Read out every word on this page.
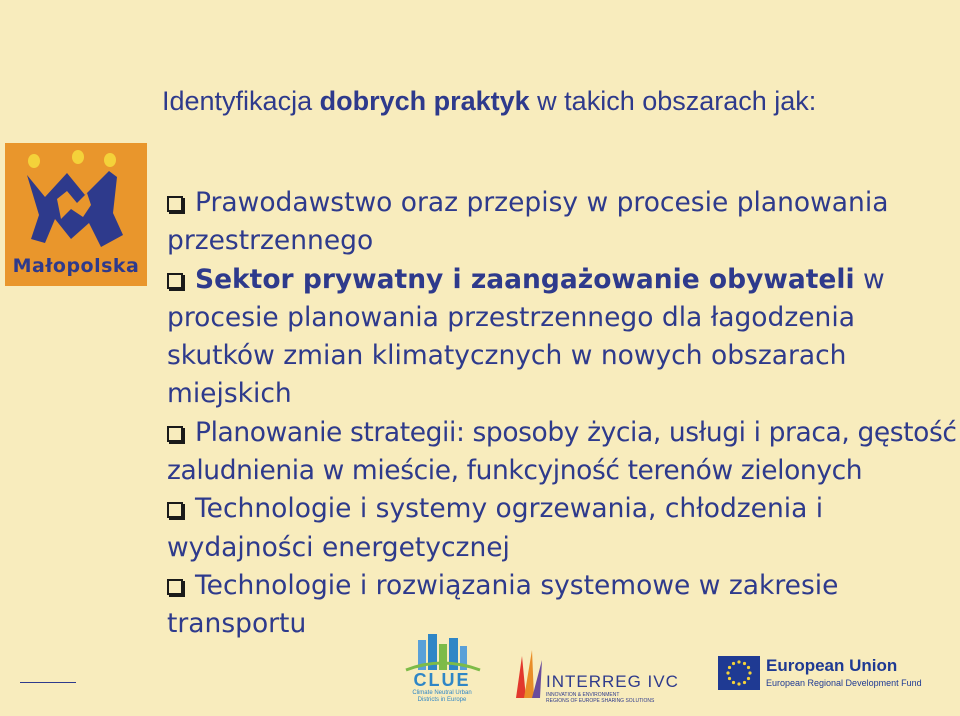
Identyfikacja dobrych praktyk w takich obszarach jak:
Małopolska

Prawodawstwo oraz przepisy w procesie planowania przestrzennego

Sektor prywatny i zaangażowanie obywateli w procesie planowania przestrzennego dla łagodzenia skutków zmian klimatycznych w nowych obszarach miejskich

Planowanie strategii: sposoby życia, usługi i praca, gęstość zaludnienia w mieście, funkcyjność terenów zielonych

Technologie i systemy ogrzewania, chłodzenia i wydajności energetycznej

Technologie i rozwiązania systemowe w zakresie transportu

CLUE
Climate Neutral Urban
Districts in Europe
INTERREG IVC
INNOVATION & ENVIRONMENT
REGIONS OF EUROPE SHARING SOLUTIONS
European Union
European Regional Development Fund
